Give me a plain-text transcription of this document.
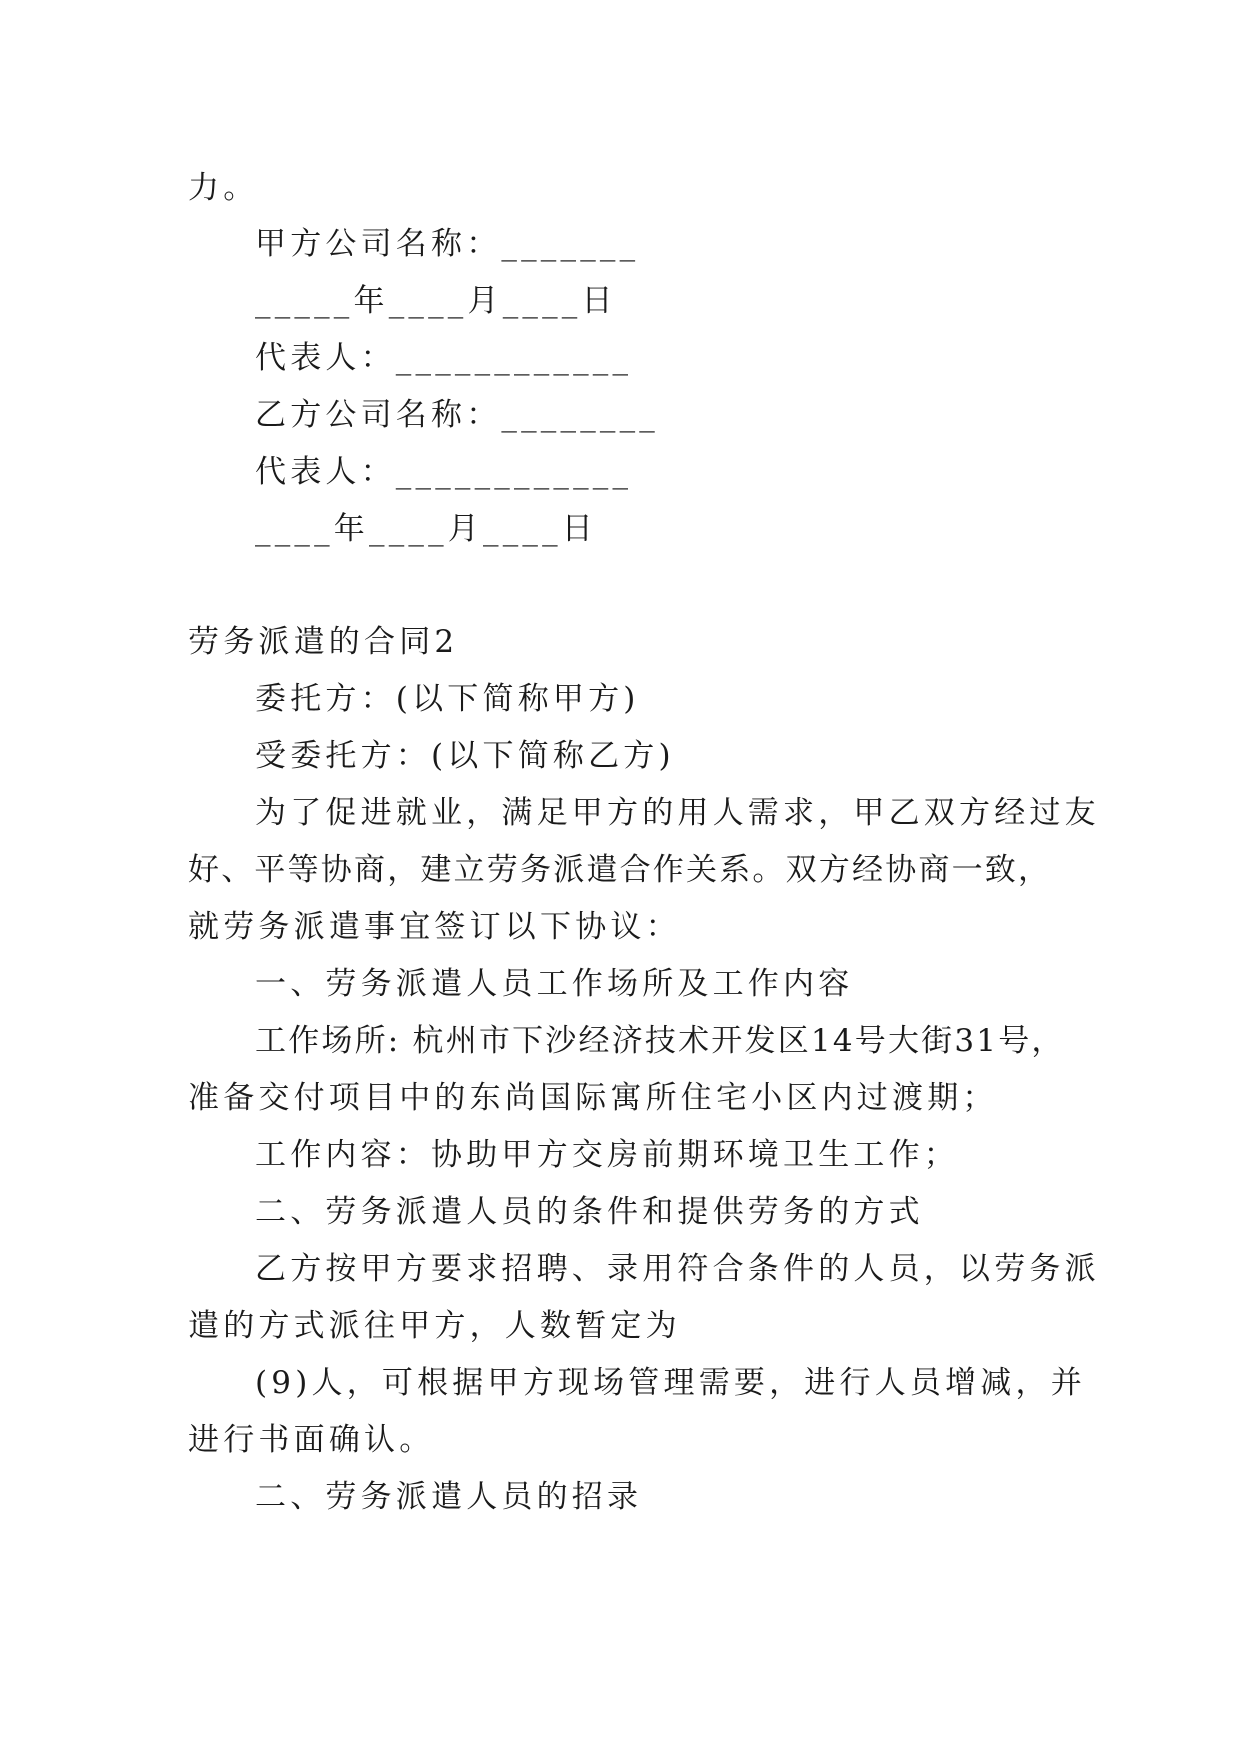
力。
甲方公司名称：_______
_____年____月____日
代表人：____________
乙方公司名称：________
代表人：____________
____年____月____日
劳务派遣的合同2
委托方：(以下简称甲方)
受委托方：(以下简称乙方)
为了促进就业，满足甲方的用人需求，甲乙双方经过友
好、平等协商，建立劳务派遣合作关系。双方经协商一致，
就劳务派遣事宜签订以下协议：
一、劳务派遣人员工作场所及工作内容
工作场所: 杭州市下沙经济技术开发区14号大街31号，
准备交付项目中的东尚国际寓所住宅小区内过渡期；
工作内容：协助甲方交房前期环境卫生工作；
二、劳务派遣人员的条件和提供劳务的方式
乙方按甲方要求招聘、录用符合条件的人员，以劳务派
遣的方式派往甲方，人数暂定为
(9)人，可根据甲方现场管理需要，进行人员增减，并
进行书面确认。
二、劳务派遣人员的招录
